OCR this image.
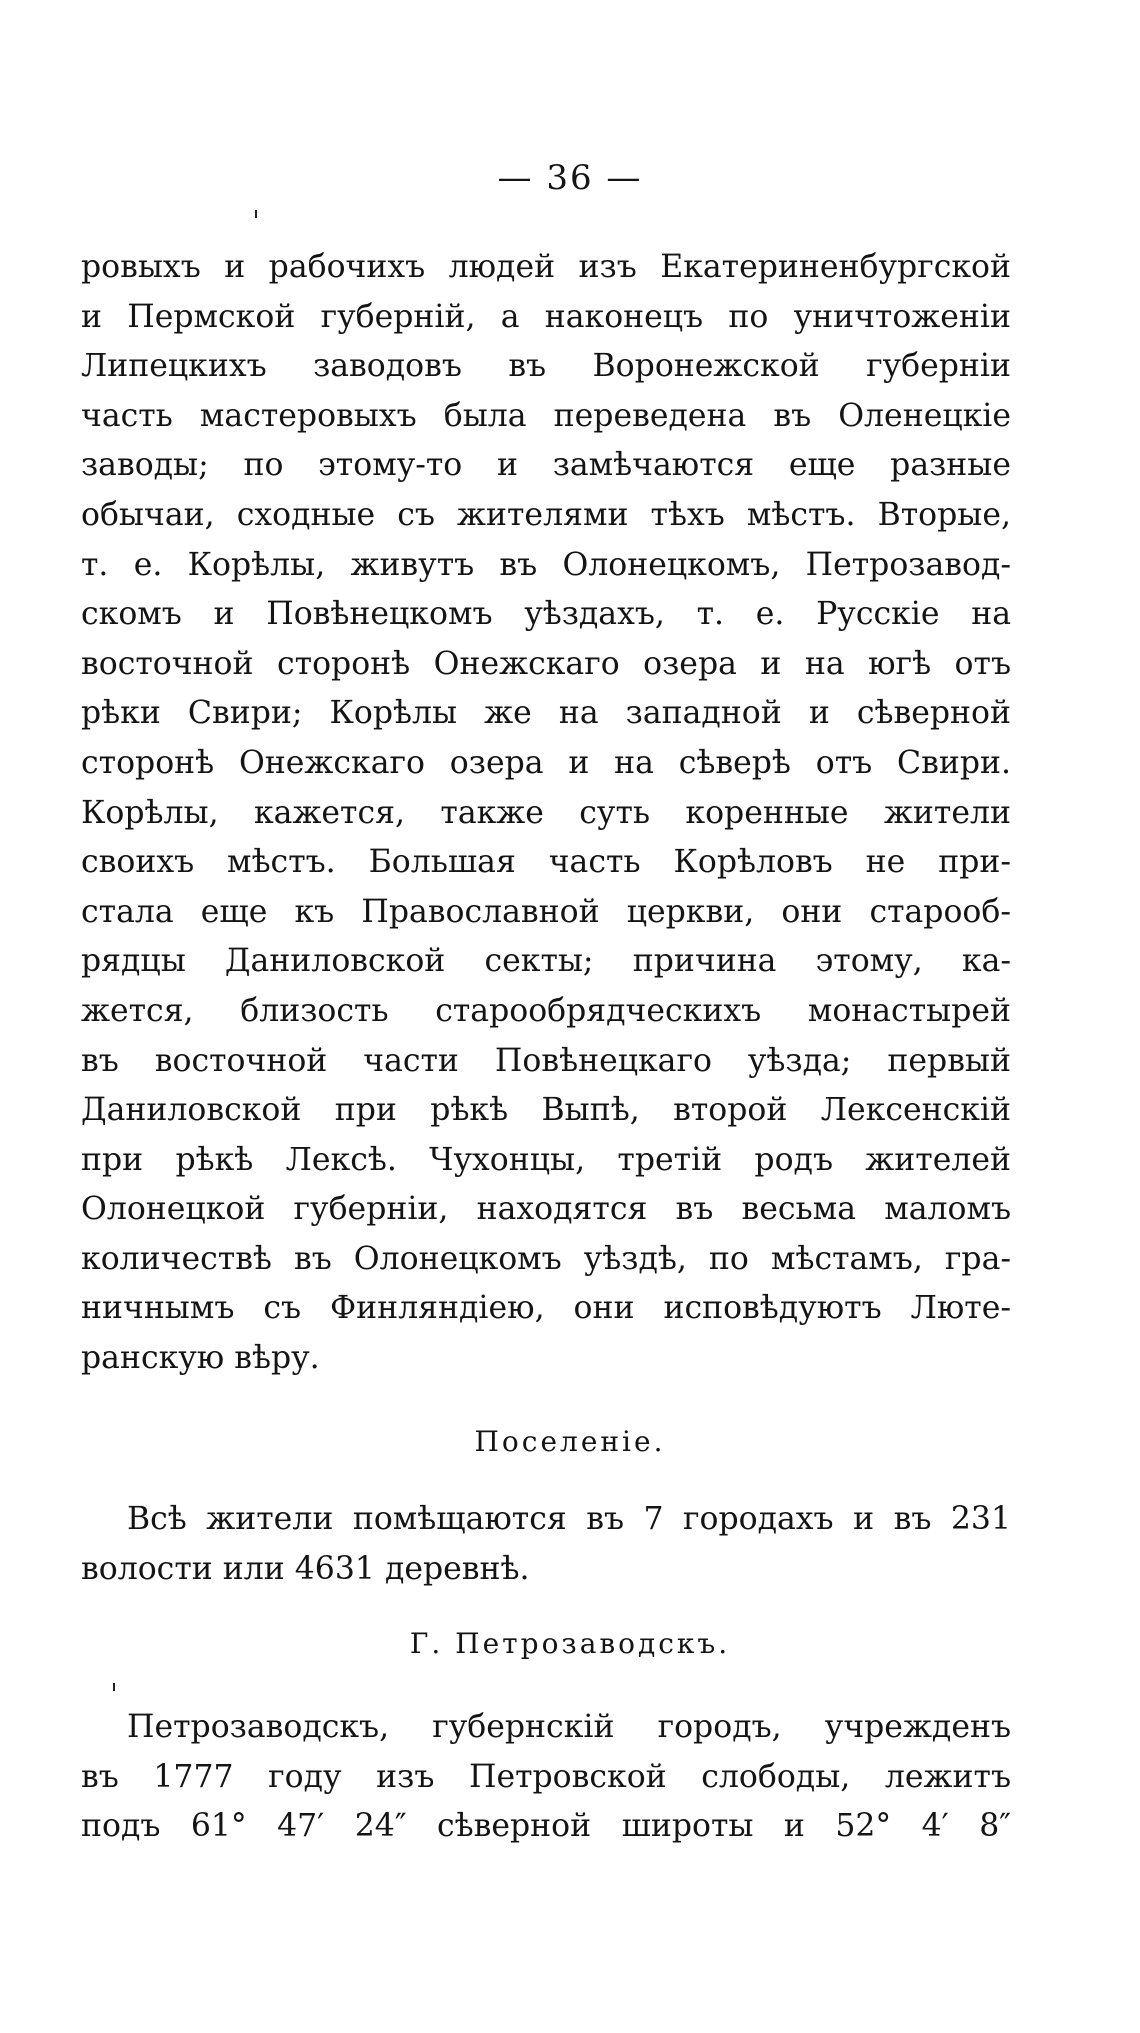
— 36 —
ровыхъ и рабочихъ людей изъ Екатериненбургской
и Пермской губерній, а наконецъ по уничтоженіи
Липецкихъ заводовъ въ Воронежской губерніи
часть мастеровыхъ была переведена въ Оленецкіе
заводы; по этому-то и замѣчаются еще разные
обычаи, сходные съ жителями тѣхъ мѣстъ. Вторые,
т. е. Корѣлы, живутъ въ Олонецкомъ, Петрозавод-
скомъ и Повѣнецкомъ уѣздахъ, т. е. Русскіе на
восточной сторонѣ Онежскаго озера и на югѣ отъ
рѣки Свири; Корѣлы же на западной и сѣверной
сторонѣ Онежскаго озера и на сѣверѣ отъ Свири.
Корѣлы, кажется, также суть коренные жители
своихъ мѣстъ. Большая часть Корѣловъ не при-
стала еще къ Православной церкви, они старооб-
рядцы Даниловской секты; причина этому, ка-
жется, близость старообрядческихъ монастырей
въ восточной части Повѣнецкаго уѣзда; первый
Даниловской при рѣкѣ Выпѣ, второй Лексенскій
при рѣкѣ Лексѣ. Чухонцы, третій родъ жителей
Олонецкой губерніи, находятся въ весьма маломъ
количествѣ въ Олонецкомъ уѣздѣ, по мѣстамъ, гра-
ничнымъ съ Финляндіею, они исповѣдуютъ Люте-
ранскую вѣру.
Поселеніе.
Всѣ жители помѣщаются въ 7 городахъ и въ 231
волости или 4631 деревнѣ.
Г. Петрозаводскъ.
Петрозаводскъ, губернскій городъ, учрежденъ
въ 1777 году изъ Петровской слободы, лежитъ
подъ 61° 47′ 24″ сѣверной широты и 52° 4′ 8″
